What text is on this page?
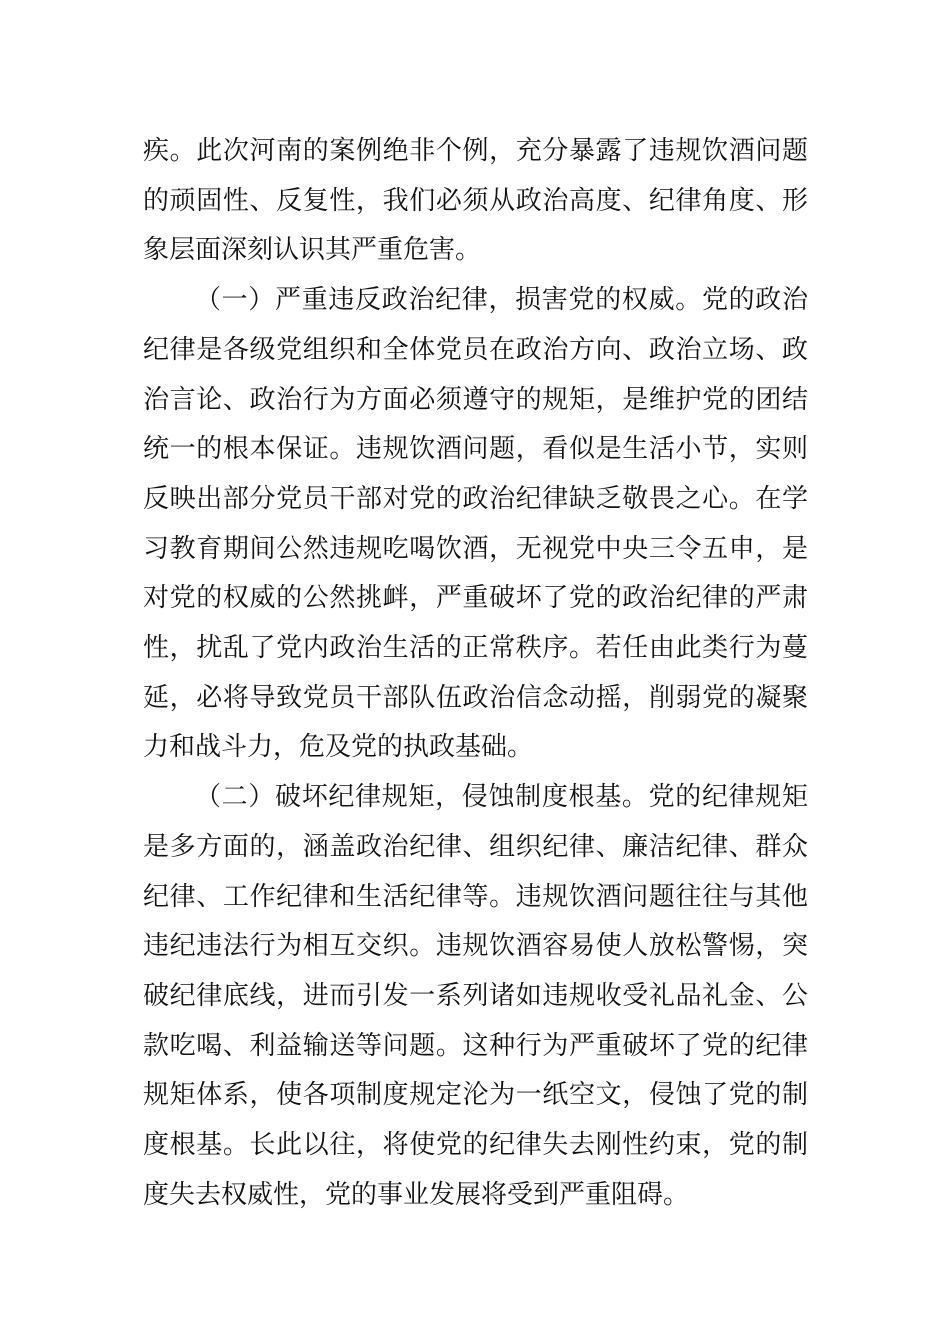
疾。此次河南的案例绝非个例，充分暴露了违规饮酒问题的顽固性、反复性，我们必须从政治高度、纪律角度、形象层面深刻认识其严重危害。

（一）严重违反政治纪律，损害党的权威。党的政治纪律是各级党组织和全体党员在政治方向、政治立场、政治言论、政治行为方面必须遵守的规矩，是维护党的团结统一的根本保证。违规饮酒问题，看似是生活小节，实则反映出部分党员干部对党的政治纪律缺乏敬畏之心。在学习教育期间公然违规吃喝饮酒，无视党中央三令五申，是对党的权威的公然挑衅，严重破坏了党的政治纪律的严肃性，扰乱了党内政治生活的正常秩序。若任由此类行为蔓延，必将导致党员干部队伍政治信念动摇，削弱党的凝聚力和战斗力，危及党的执政基础。

（二）破坏纪律规矩，侵蚀制度根基。党的纪律规矩是多方面的，涵盖政治纪律、组织纪律、廉洁纪律、群众纪律、工作纪律和生活纪律等。违规饮酒问题往往与其他违纪违法行为相互交织。违规饮酒容易使人放松警惕，突破纪律底线，进而引发一系列诸如违规收受礼品礼金、公款吃喝、利益输送等问题。这种行为严重破坏了党的纪律规矩体系，使各项制度规定沦为一纸空文，侵蚀了党的制度根基。长此以往，将使党的纪律失去刚性约束，党的制度失去权威性，党的事业发展将受到严重阻碍。
